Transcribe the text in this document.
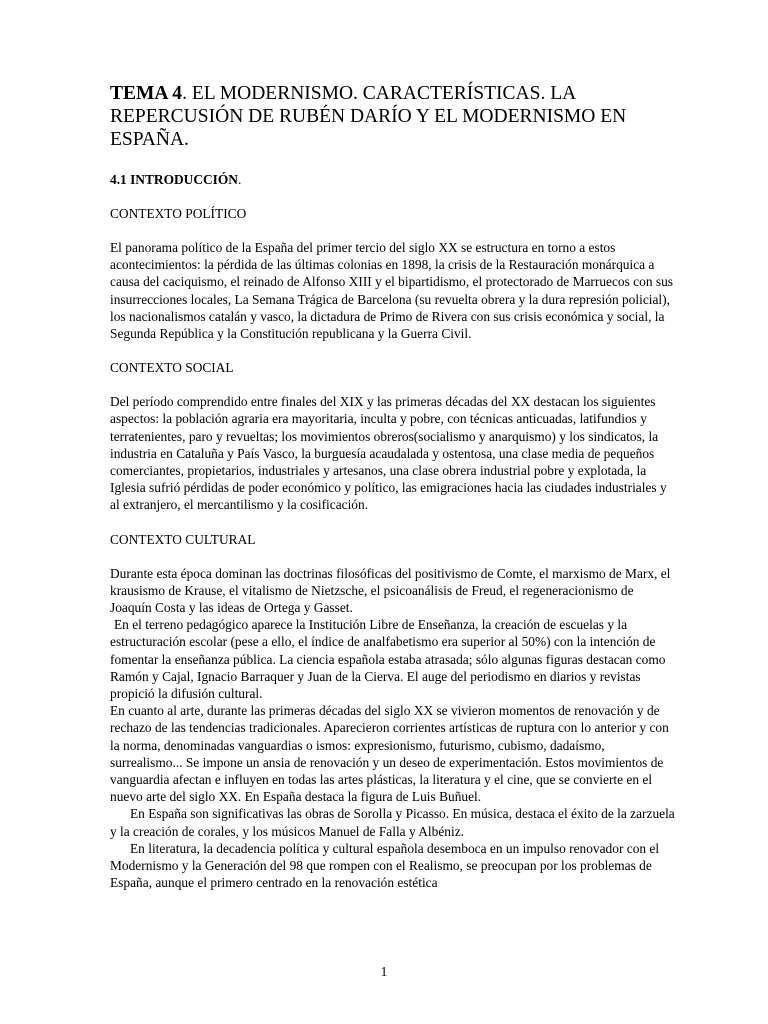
TEMA 4. EL MODERNISMO. CARACTERÍSTICAS. LA REPERCUSIÓN DE RUBÉN DARÍO Y EL MODERNISMO EN ESPAÑA.
4.1 INTRODUCCIÓN.
CONTEXTO POLÍTICO

El panorama político de la España del primer tercio del siglo XX se estructura en torno a estos acontecimientos: la pérdida de las últimas colonias en 1898, la crisis de la Restauración monárquica a causa del caciquismo, el reinado de Alfonso XIII y el bipartidismo, el protectorado de Marruecos con sus insurrecciones locales, La Semana Trágica de Barcelona (su revuelta obrera y la dura represión policial), los nacionalismos catalán y vasco, la dictadura de Primo de Rivera con sus crisis económica y social, la Segunda República y la Constitución republicana y la Guerra Civil.

CONTEXTO SOCIAL

Del período comprendido entre finales del XIX y las primeras décadas del XX destacan los siguientes aspectos: la población agraria era mayoritaria, inculta y pobre, con técnicas anticuadas, latifundios y terratenientes, paro y revueltas; los movimientos obreros(socialismo y anarquismo) y los sindicatos, la industria en Cataluña y País Vasco, la burguesía acaudalada y ostentosa, una clase media de pequeños comerciantes, propietarios, industriales y artesanos, una clase obrera industrial pobre y explotada, la Iglesia sufrió pérdidas de poder económico y político, las emigraciones hacia las ciudades industriales y al extranjero, el mercantilismo y la cosificación.

CONTEXTO CULTURAL

Durante esta época dominan las doctrinas filosóficas del positivismo de Comte, el marxismo de Marx, el krausismo de Krause, el vitalismo de Nietzsche, el psicoanálisis de Freud, el regeneracionismo de Joaquín Costa y las ideas de Ortega y Gasset.

En el terreno pedagógico aparece la Institución Libre de Enseñanza, la creación de escuelas y la estructuración escolar (pese a ello, el índice de analfabetismo era superior al 50%) con la intención de fomentar la enseñanza pública. La ciencia española estaba atrasada; sólo algunas figuras destacan como Ramón y Cajal, Ignacio Barraquer y Juan de la Cierva. El auge del periodismo en diarios y revistas propició la difusión cultural.

En cuanto al arte, durante las primeras décadas del siglo XX se vivieron momentos de renovación y de rechazo de las tendencias tradicionales. Aparecieron corrientes artísticas de ruptura con lo anterior y con la norma, denominadas vanguardias o ismos: expresionismo, futurismo, cubismo, dadaísmo, surrealismo... Se impone un ansia de renovación y un deseo de experimentación. Estos movimientos de vanguardia afectan e influyen en todas las artes plásticas, la literatura y el cine, que se convierte en el nuevo arte del siglo XX. En España destaca la figura de Luis Buñuel.

En España son significativas las obras de Sorolla y Picasso. En música, destaca el éxito de la zarzuela y la creación de corales, y los músicos Manuel de Falla y Albéniz.

En literatura, la decadencia política y cultural española desemboca en un impulso renovador con el Modernismo y la Generación del 98 que rompen con el Realismo, se preocupan por los problemas de España, aunque el primero centrado en la renovación estética

1
